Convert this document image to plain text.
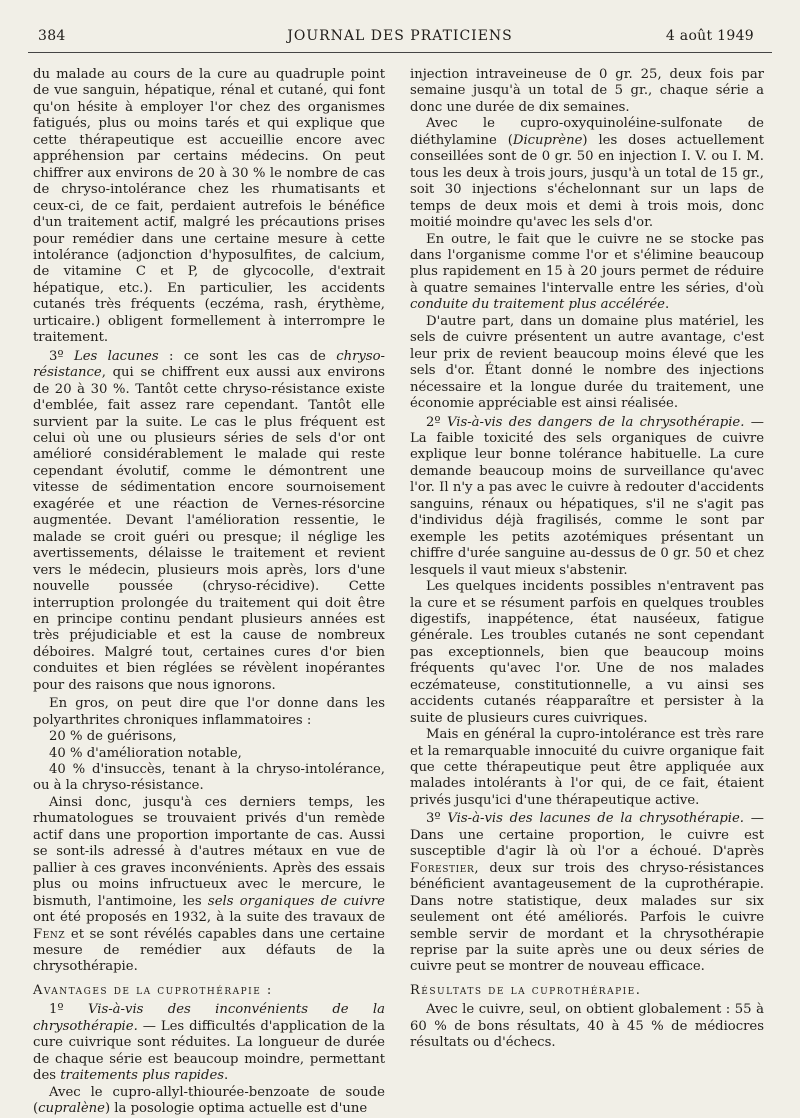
384	JOURNAL DES PRATICIENS	4 août 1949

du malade au cours de la cure au quadruple point de vue sanguin, hépatique, rénal et cutané, qui font qu'on hésite à employer l'or chez des organismes fatigués, plus ou moins tarés et qui explique que cette thérapeutique est accueillie encore avec appréhension par certains médecins. On peut chiffrer aux environs de 20 à 30 % le nombre de cas de chryso-intolérance chez les rhumatisants et ceux-ci, de ce fait, perdaient autrefois le bénéfice d'un traitement actif, malgré les précautions prises pour remédier dans une certaine mesure à cette intolérance (adjonction d'hyposulfites, de calcium, de vitamine C et P, de glycocolle, d'extrait hépatique, etc.). En particulier, les accidents cutanés très fréquents (eczéma, rash, érythème, urticaire.) obligent formellement à interrompre le traitement.

3º Les lacunes : ce sont les cas de chryso-résistance, qui se chiffrent eux aussi aux environs de 20 à 30 %. Tantôt cette chryso-résistance existe d'emblée, fait assez rare cependant. Tantôt elle survient par la suite. Le cas le plus fréquent est celui où une ou plusieurs séries de sels d'or ont amélioré considérablement le malade qui reste cependant évolutif, comme le démontrent une vitesse de sédimentation encore sournoisement exagérée et une réaction de Vernes-résorcine augmentée. Devant l'amélioration ressentie, le malade se croit guéri ou presque; il néglige les avertissements, délaisse le traitement et revient vers le médecin, plusieurs mois après, lors d'une nouvelle poussée (chryso-récidive). Cette interruption prolongée du traitement qui doit être en principe continu pendant plusieurs années est très préjudiciable et est la cause de nombreux déboires. Malgré tout, certaines cures d'or bien conduites et bien réglées se révèlent inopérantes pour des raisons que nous ignorons.

En gros, on peut dire que l'or donne dans les polyarthrites chroniques inflammatoires :

20 % de guérisons,

40 % d'amélioration notable,

40 % d'insuccès, tenant à la chryso-intolérance, ou à la chryso-résistance.

Ainsi donc, jusqu'à ces derniers temps, les rhumatologues se trouvaient privés d'un remède actif dans une proportion importante de cas. Aussi se sont-ils adressé à d'autres métaux en vue de pallier à ces graves inconvénients. Après des essais plus ou moins infructueux avec le mercure, le bismuth, l'antimoine, les sels organiques de cuivre ont été proposés en 1932, à la suite des travaux de Fenz et se sont révélés capables dans une certaine mesure de remédier aux défauts de la chrysothérapie.

Avantages de la cuprothérapie :

1º Vis-à-vis des inconvénients de la chrysothérapie. — Les difficultés d'application de la cure cuivrique sont réduites. La longueur de durée de chaque série est beaucoup moindre, permettant des traitements plus rapides.

Avec le cupro-allyl-thiourée-benzoate de soude (cupralène) la posologie optima actuelle est d'une

injection intraveineuse de 0 gr. 25, deux fois par semaine jusqu'à un total de 5 gr., chaque série a donc une durée de dix semaines.

Avec le cupro-oxyquinoléine-sulfonate de diéthylamine (Dicuprène) les doses actuellement conseillées sont de 0 gr. 50 en injection I. V. ou I. M. tous les deux à trois jours, jusqu'à un total de 15 gr., soit 30 injections s'échelonnant sur un laps de temps de deux mois et demi à trois mois, donc moitié moindre qu'avec les sels d'or.

En outre, le fait que le cuivre ne se stocke pas dans l'organisme comme l'or et s'élimine beaucoup plus rapidement en 15 à 20 jours permet de réduire à quatre semaines l'intervalle entre les séries, d'où conduite du traitement plus accélérée.

D'autre part, dans un domaine plus matériel, les sels de cuivre présentent un autre avantage, c'est leur prix de revient beaucoup moins élevé que les sels d'or. Étant donné le nombre des injections nécessaire et la longue durée du traitement, une économie appréciable est ainsi réalisée.

2º Vis-à-vis des dangers de la chrysothérapie. — La faible toxicité des sels organiques de cuivre explique leur bonne tolérance habituelle. La cure demande beaucoup moins de surveillance qu'avec l'or. Il n'y a pas avec le cuivre à redouter d'accidents sanguins, rénaux ou hépatiques, s'il ne s'agit pas d'individus déjà fragilisés, comme le sont par exemple les petits azotémiques présentant un chiffre d'urée sanguine au-dessus de 0 gr. 50 et chez lesquels il vaut mieux s'abstenir.

Les quelques incidents possibles n'entravent pas la cure et se résument parfois en quelques troubles digestifs, inappétence, état nauséeux, fatigue générale. Les troubles cutanés ne sont cependant pas exceptionnels, bien que beaucoup moins fréquents qu'avec l'or. Une de nos malades eczémateuse, constitutionnelle, a vu ainsi ses accidents cutanés réapparaître et persister à la suite de plusieurs cures cuivriques.

Mais en général la cupro-intolérance est très rare et la remarquable innocuité du cuivre organique fait que cette thérapeutique peut être appliquée aux malades intolérants à l'or qui, de ce fait, étaient privés jusqu'ici d'une thérapeutique active.

3º Vis-à-vis des lacunes de la chrysothérapie. — Dans une certaine proportion, le cuivre est susceptible d'agir là où l'or a échoué. D'après Forestier, deux sur trois des chryso-résistances bénéficient avantageusement de la cuprothérapie. Dans notre statistique, deux malades sur six seulement ont été améliorés. Parfois le cuivre semble servir de mordant et la chrysothérapie reprise par la suite après une ou deux séries de cuivre peut se montrer de nouveau efficace.

Résultats de la cuprothérapie.

Avec le cuivre, seul, on obtient globalement : 55 à 60 % de bons résultats, 40 à 45 % de médiocres résultats ou d'échecs.
